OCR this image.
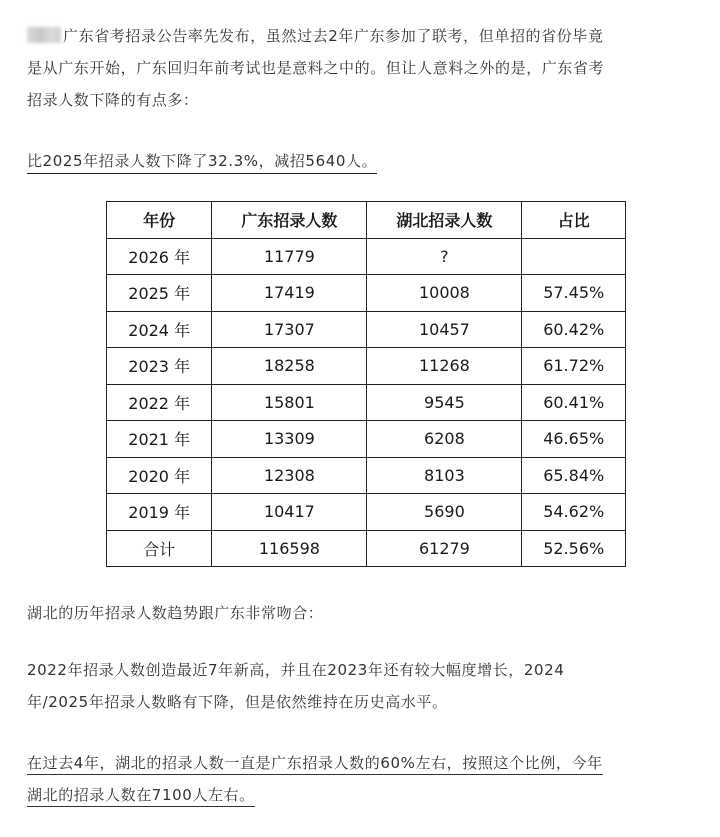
广东省考招录公告率先发布，虽然过去2年广东参加了联考，但单招的省份毕竟
是从广东开始，广东回归年前考试也是意料之中的。但让人意料之外的是，广东省考
招录人数下降的有点多：

比2025年招录人数下降了32.3%，减招5640人。

年份	广东招录人数	湖北招录人数	占比
2026 年	11779	?	
2025 年	17419	10008	57.45%
2024 年	17307	10457	60.42%
2023 年	18258	11268	61.72%
2022 年	15801	9545	60.41%
2021 年	13309	6208	46.65%
2020 年	12308	8103	65.84%
2019 年	10417	5690	54.62%
合计	116598	61279	52.56%

湖北的历年招录人数趋势跟广东非常吻合：

2022年招录人数创造最近7年新高，并且在2023年还有较大幅度增长，2024
年/2025年招录人数略有下降，但是依然维持在历史高水平。

在过去4年，湖北的招录人数一直是广东招录人数的60%左右，按照这个比例，今年
湖北的招录人数在7100人左右。
